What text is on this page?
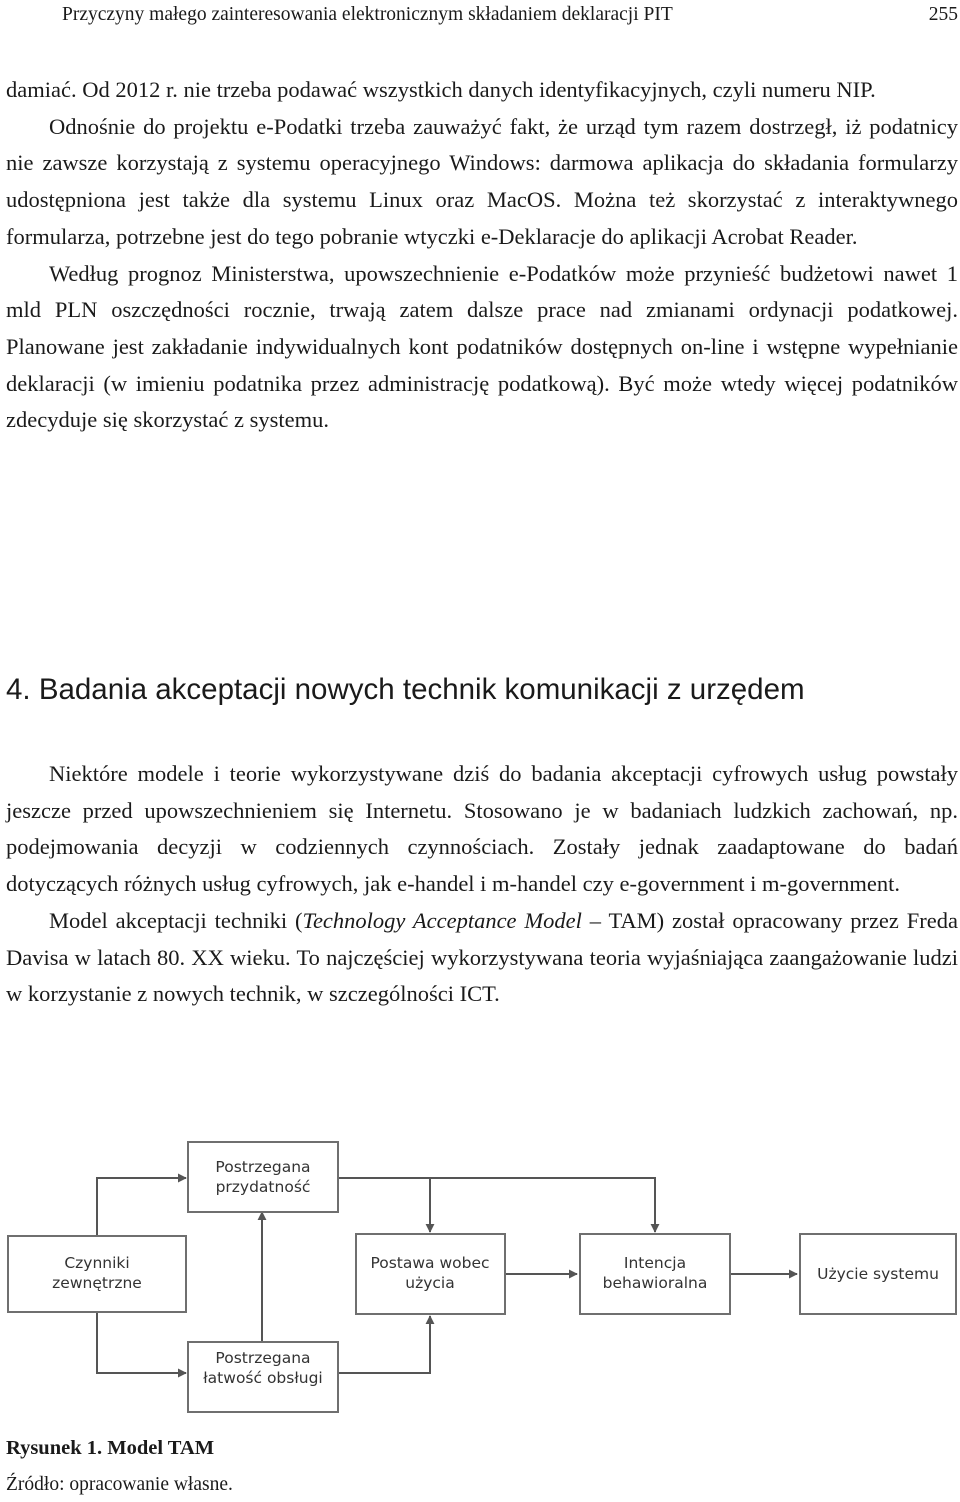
Przyczyny małego zainteresowania elektronicznym składaniem deklaracji PIT	255

damiać. Od 2012 r. nie trzeba podawać wszystkich danych identyfikacyjnych, czyli numeru NIP.

Odnośnie do projektu e-Podatki trzeba zauważyć fakt, że urząd tym razem dostrzegł, iż podatnicy nie zawsze korzystają z systemu operacyjnego Windows: darmowa aplikacja do składania formularzy udostępniona jest także dla systemu Linux oraz MacOS. Można też skorzystać z interaktywnego formularza, potrzebne jest do tego pobranie wtyczki e-Deklaracje do aplikacji Acrobat Reader.

Według prognoz Ministerstwa, upowszechnienie e-Podatków może przynieść budżetowi nawet 1 mld PLN oszczędności rocznie, trwają zatem dalsze prace nad zmianami ordynacji podatkowej. Planowane jest zakładanie indywidualnych kont podatników dostępnych on-line i wstępne wypełnianie deklaracji (w imieniu podatnika przez administrację podatkową). Być może wtedy więcej podatników zdecyduje się skorzystać z systemu.

4. Badania akceptacji nowych technik komunikacji z urzędem

Niektóre modele i teorie wykorzystywane dziś do badania akceptacji cyfrowych usług powstały jeszcze przed upowszechnieniem się Internetu. Stosowano je w badaniach ludzkich zachowań, np. podejmowania decyzji w codziennych czynnościach. Zostały jednak zaadaptowane do badań dotyczących różnych usług cyfrowych, jak e-handel i m-handel czy e-government i m-government.

Model akceptacji techniki (Technology Acceptance Model – TAM) został opracowany przez Freda Davisa w latach 80. XX wieku. To najczęściej wykorzystywana teoria wyjaśniająca zaangażowanie ludzi w korzystanie z nowych technik, w szczególności ICT.

Czynniki zewnętrzne
Postrzegana przydatność
Postrzegana łatwość obsługi
Postawa wobec użycia
Intencja behawioralna	Użycie systemu

Rysunek 1. Model TAM

Źródło: opracowanie własne.
